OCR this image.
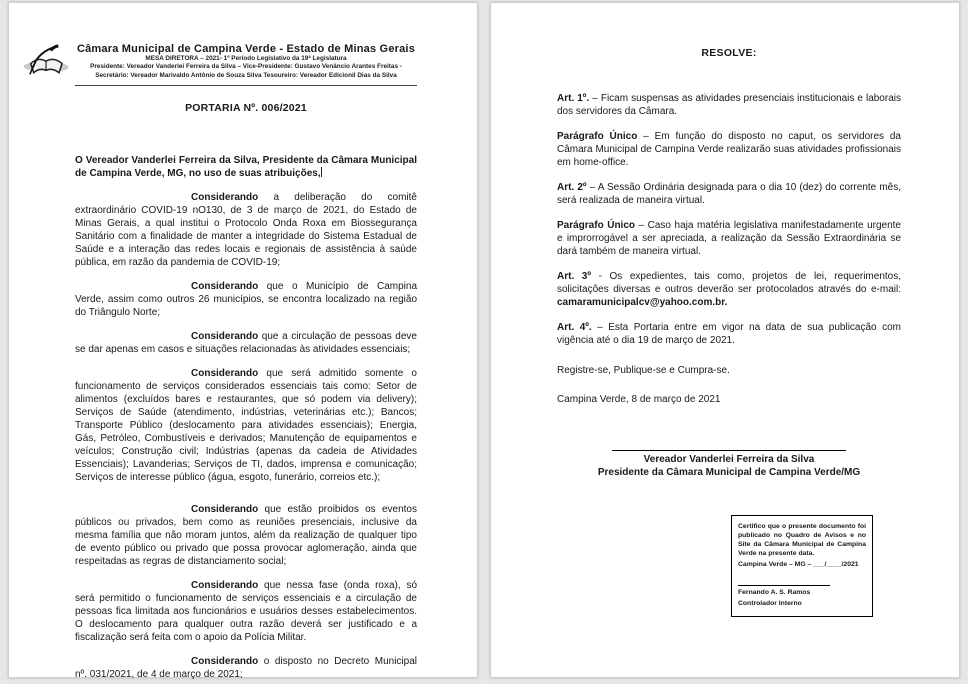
Câmara Municipal de Campina Verde - Estado de Minas Gerais
MESA DIRETORA – 2021- 1º Período Legislativo da 19ª Legislatura
Presidente: Vereador Vanderlei Ferreira da Silva – Vice-Presidente: Gustavo Venâncio Arantes Freitas -
Secretário: Vereador Marivaldo Antônio de Souza Silva Tesoureiro: Vereador Edicionil Dias da Silva
PORTARIA Nº. 006/2021

O Vereador Vanderlei Ferreira da Silva, Presidente da Câmara Municipal de Campina Verde, MG, no uso de suas atribuições,

Considerando a deliberação do comitê extraordinário COVID-19 nO130, de 3 de março de 2021, do Estado de Minas Gerais, a qual institui o Protocolo Onda Roxa em Biossegurança Sanitário com a finalidade de manter a integridade do Sistema Estadual de Saúde e a interação das redes locais e regionais de assistência à saúde pública, em razão da pandemia de COVID-19;

Considerando que o Município de Campina Verde, assim como outros 26 municípios, se encontra localizado na região do Triângulo Norte;

Considerando que a circulação de pessoas deve se dar apenas em casos e situações relacionadas às atividades essenciais;

Considerando que será admitido somente o funcionamento de serviços considerados essenciais tais como: Setor de alimentos (excluídos bares e restaurantes, que só podem via delivery); Serviços de Saúde (atendimento, indústrias, veterinárias etc.); Bancos; Transporte Público (deslocamento para atividades essenciais); Energia, Gás, Petróleo, Combustíveis e derivados; Manutenção de equipamentos e veículos; Construção civil; Indústrias (apenas da cadeia de Atividades Essenciais); Lavanderias; Serviços de TI, dados, imprensa e comunicação; Serviços de interesse público (água, esgoto, funerário, correios etc.);

Considerando que estão proibidos os eventos públicos ou privados, bem como as reuniões presenciais, inclusive da mesma família que não moram juntos, além da realização de qualquer tipo de evento público ou privado que possa provocar aglomeração, ainda que respeitadas as regras de distanciamento social;

Considerando que nessa fase (onda roxa), só será permitido o funcionamento de serviços essenciais e a circulação de pessoas fica limitada aos funcionários e usuários desses estabelecimentos. O deslocamento para qualquer outra razão deverá ser justificado e a fiscalização será feita com o apoio da Polícia Militar.

Considerando o disposto no Decreto Municipal nº. 031/2021, de 4 de março de 2021;

RESOLVE:

Art. 1º. – Ficam suspensas as atividades presenciais institucionais e laborais dos servidores da Câmara.

Parágrafo Único – Em função do disposto no caput, os servidores da Câmara Municipal de Campina Verde realizarão suas atividades profissionais em home-office.

Art. 2º – A Sessão Ordinária designada para o dia 10 (dez) do corrente mês, será realizada de maneira virtual.

Parágrafo Único – Caso haja matéria legislativa manifestadamente urgente e improrrogável a ser apreciada, a realização da Sessão Extraordinária se dará também de maneira virtual.

Art. 3º - Os expedientes, tais como, projetos de lei, requerimentos, solicitações diversas e outros deverão ser protocolados através do e-mail: camaramunicipalcv@yahoo.com.br.

Art. 4º. – Esta Portaria entre em vigor na data de sua publicação com vigência até o dia 19 de março de 2021.

Registre-se, Publique-se e Cumpra-se.

Campina Verde, 8 de março de 2021

Vereador Vanderlei Ferreira da Silva
Presidente da Câmara Municipal de Campina Verde/MG
Certifico que o presente documento foi publicado no Quadro de Avisos e no Site da Câmara Municipal de Campina Verde na presente data.
Campina Verde – MG – ___/____/2021
Fernando A. S. Ramos
Controlador Interno
